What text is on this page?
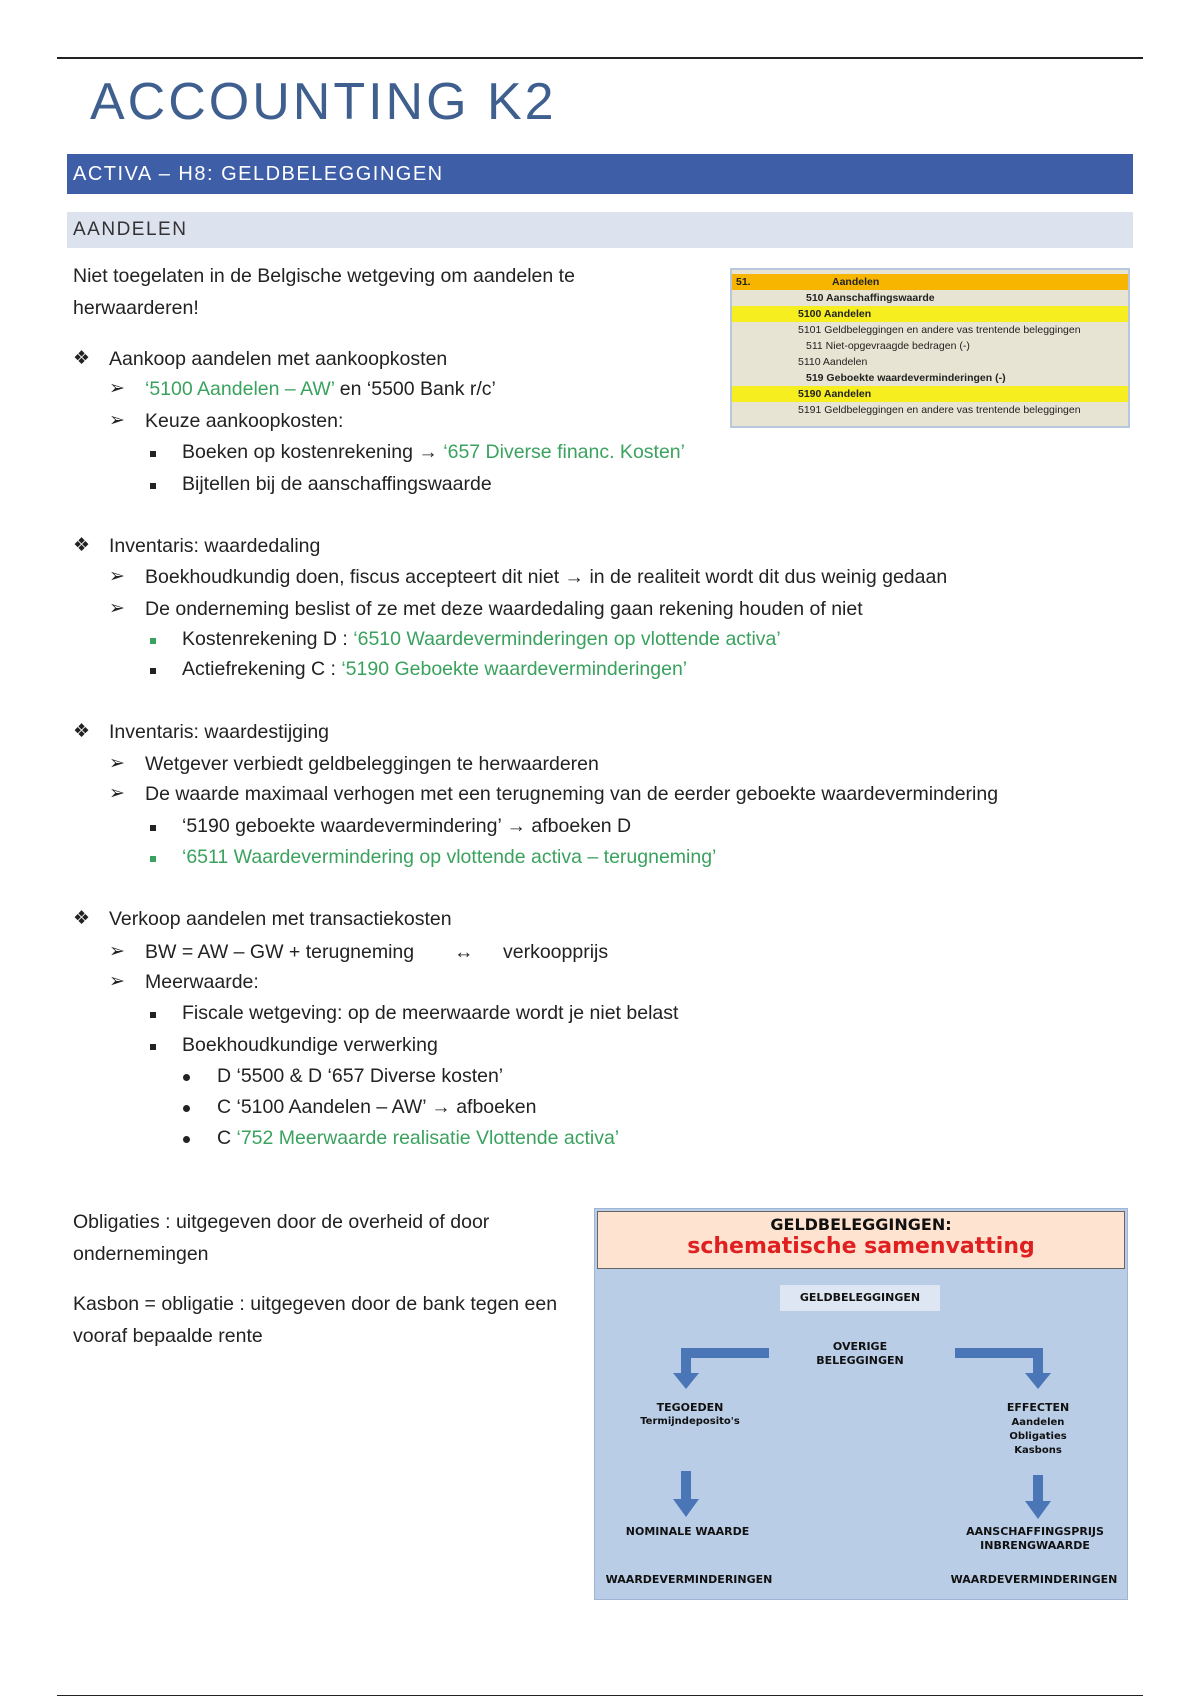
ACCOUNTING K2
ACTIVA – H8: GELDBELEGGINGEN
AANDELEN
Niet toegelaten in de Belgische wetgeving om aandelen te herwaarderen!
51.	Aandelen
510 Aanschaffingswaarde
5100 Aandelen
5101 Geldbeleggingen en andere vas trentende beleggingen
511 Niet-opgevraagde bedragen (-)
5110 Aandelen
519 Geboekte waardeverminderingen (-)
5190 Aandelen
5191 Geldbeleggingen en andere vas trentende beleggingen
❖ Aankoop aandelen met aankoopkosten
➢ ‘5100 Aandelen – AW’ en ‘5500 Bank r/c’
➢ Keuze aankoopkosten:
Boeken op kostenrekening → ‘657 Diverse financ. Kosten’
Bijtellen bij de aanschaffingswaarde
❖ Inventaris: waardedaling
➢ Boekhoudkundig doen, fiscus accepteert dit niet → in de realiteit wordt dit dus weinig gedaan
➢ De onderneming beslist of ze met deze waardedaling gaan rekening houden of niet
Kostenrekening D : ‘6510 Waardeverminderingen op vlottende activa’
Actiefrekening C : ‘5190 Geboekte waardeverminderingen’
❖ Inventaris: waardestijging
➢ Wetgever verbiedt geldbeleggingen te herwaarderen
➢ De waarde maximaal verhogen met een terugneming van de eerder geboekte waardevermindering
‘5190 geboekte waardevermindering’ → afboeken D
‘6511 Waardevermindering op vlottende activa – terugneming’
❖ Verkoop aandelen met transactiekosten
➢ BW = AW – GW + terugneming ↔ verkoopprijs
➢ Meerwaarde:
Fiscale wetgeving: op de meerwaarde wordt je niet belast
Boekhoudkundige verwerking
D ‘5500 & D ‘657 Diverse kosten’
C ‘5100 Aandelen – AW’ → afboeken
C ‘752 Meerwaarde realisatie Vlottende activa’
Obligaties : uitgegeven door de overheid of door ondernemingen
Kasbon = obligatie : uitgegeven door de bank tegen een vooraf bepaalde rente
GELDBELEGGINGEN:
schematische samenvatting
GELDBELEGGINGEN
OVERIGE BELEGGINGEN
TEGOEDEN
Termijndeposito's
EFFECTEN
Aandelen Obligaties Kasbons
NOMINALE WAARDE	AANSCHAFFINGSPRIJS INBRENGWAARDE
WAARDEVERMINDERINGEN	WAARDEVERMINDERINGEN
